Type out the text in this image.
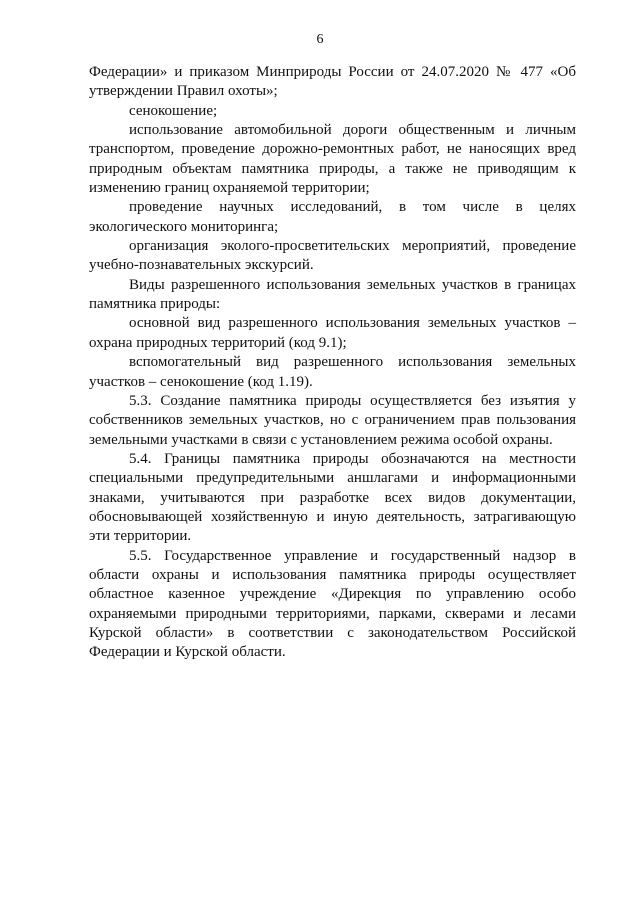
6

Федерации» и приказом Минприроды России от 24.07.2020 № 477 «Об утверждении Правил охоты»;

сенокошение;

использование автомобильной дороги общественным и личным транспортом, проведение дорожно-ремонтных работ, не наносящих вред природным объектам памятника природы, а также не приводящим к изменению границ охраняемой территории;

проведение научных исследований, в том числе в целях экологического мониторинга;

организация эколого-просветительских мероприятий, проведение учебно-познавательных экскурсий.

Виды разрешенного использования земельных участков в границах памятника природы:

основной вид разрешенного использования земельных участков – охрана природных территорий (код 9.1);

вспомогательный вид разрешенного использования земельных участков – сенокошение (код 1.19).

5.3. Создание памятника природы осуществляется без изъятия у собственников земельных участков, но с ограничением прав пользования земельными участками в связи с установлением режима особой охраны.

5.4. Границы памятника природы обозначаются на местности специальными предупредительными аншлагами и информационными знаками, учитываются при разработке всех видов документации, обосновывающей хозяйственную и иную деятельность, затрагивающую эти территории.

5.5. Государственное управление и государственный надзор в области охраны и использования памятника природы осуществляет областное казенное учреждение «Дирекция по управлению особо охраняемыми природными территориями, парками, скверами и лесами Курской области» в соответствии с законодательством Российской Федерации и Курской области.
